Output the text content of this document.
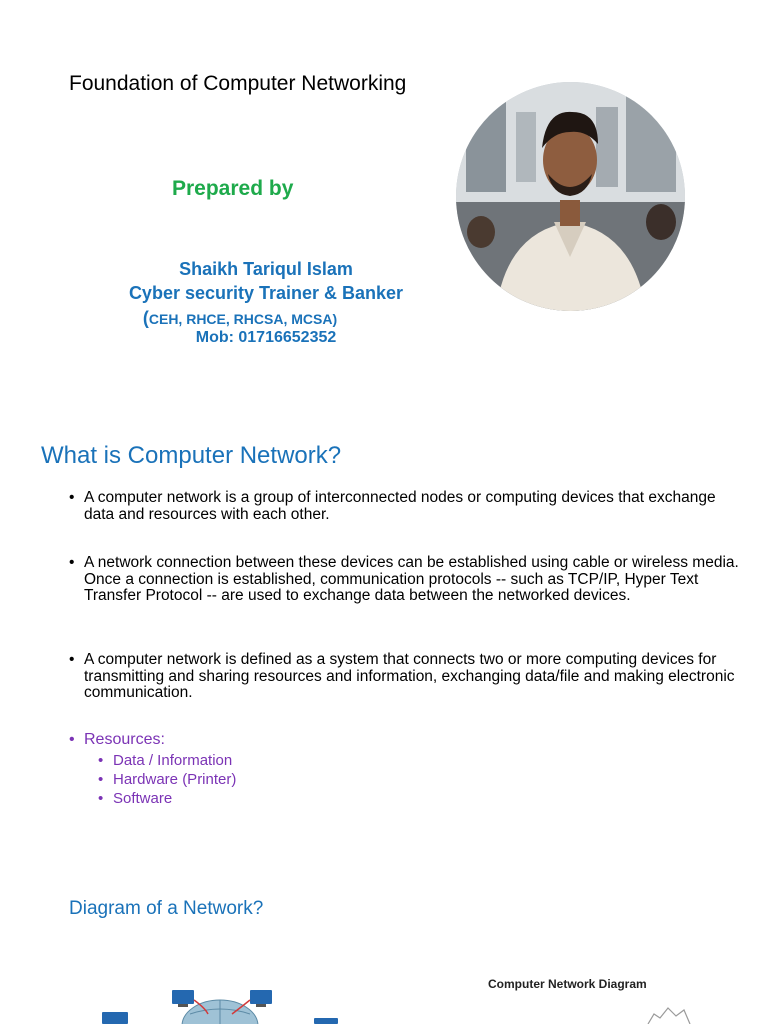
Foundation of Computer Networking
Prepared by
Shaikh Tariqul Islam
Cyber security Trainer & Banker
(CEH, RHCE, RHCSA, MCSA)
Mob: 01716652352
What is Computer Network?
• A computer network is a group of interconnected nodes or computing devices that exchange data and resources with each other.
• A network connection between these devices can be established using cable or wireless media. Once a connection is established, communication protocols -- such as TCP/IP, Hyper Text Transfer Protocol -- are used to exchange data between the networked devices.
• A computer network is defined as a system that connects two or more computing devices for transmitting and sharing resources and information, exchanging data/file and making electronic communication.
• Resources:
• Data / Information
• Hardware (Printer)
• Software
Diagram of a Network?
Computer Network Diagram
